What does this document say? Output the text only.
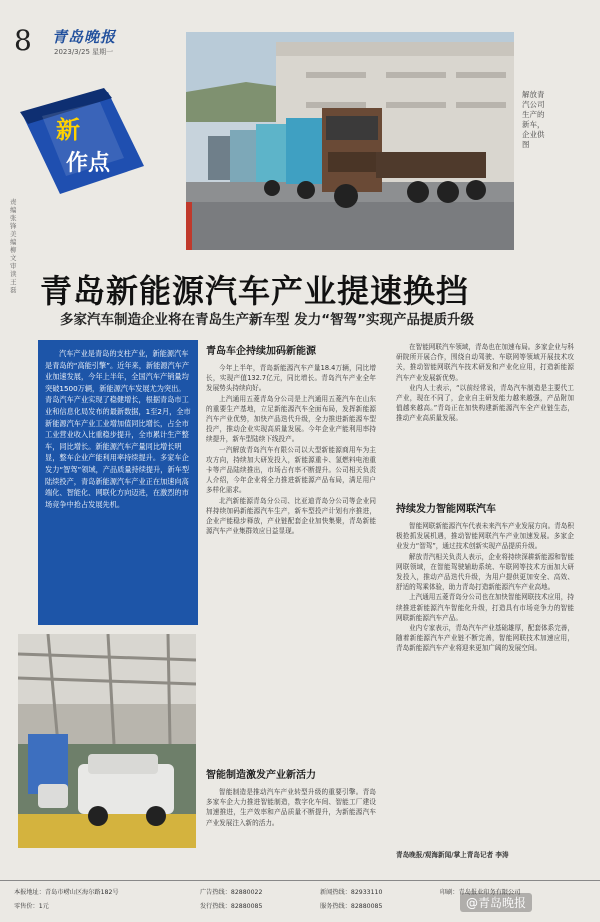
8 青岛晚报
2023/3/25 星期一
责编 张锋 美编 柳文 审读 王磊
新
作点
解放青汽公司生产的新车，企业供图
青岛新能源汽车产业提速换挡
多家汽车制造企业将在青岛生产新车型 发力“智驾”实现产品提质升级
汽车产业是青岛的支柱产业，新能源汽车是青岛的“高能引擎”。近年来，新能源汽车产业加速发展，今年上半年，全国汽车产销量均突破1500万辆，新能源汽车发展尤为突出。青岛汽车产业实现了稳健增长，根据青岛市工业和信息化局发布的最新数据，1至2月，全市新能源汽车产业工业增加值同比增长，占全市工业营业收入比重稳步提升，全市累计生产整车，同比增长。新能源汽车产量同比增长明显，整车企业产能利用率持续提升。多家车企发力“智驾”领域，产品质量持续提升，新车型陆续投产，青岛新能源汽车产业正在加速向高端化、智能化、网联化方向迈进，在激烈的市场竞争中抢占发展先机。
青岛车企持续加码新能源

今年上半年，青岛新能源汽车产量18.4万辆，同比增长，实现产值132.7亿元，同比增长。青岛汽车产业全年发展势头持续向好。

上汽通用五菱青岛分公司是上汽通用五菱汽车在山东的重要生产基地，立足新能源汽车全面布局，发挥新能源汽车产业优势，加快产品迭代升级，全力推进新能源车型投产，推动企业实现高质量发展。今年企业产能利用率持续提升，新车型陆续下线投产。

一汽解放青岛汽车有限公司以大型新能源商用车为主攻方向，持续加大研发投入，新能源重卡、氢燃料电池重卡等产品陆续推出，市场占有率不断提升。公司相关负责人介绍，今年企业将全力推进新能源产品布局，满足用户多样化需求。

北汽新能源青岛分公司、比亚迪青岛分公司等企业同样持续加码新能源汽车生产，新车型投产计划有序推进，企业产能稳步释放，产业链配套企业加快集聚，青岛新能源汽车产业集群效应日益显现。

智能制造激发产业新活力

智能制造是推动汽车产业转型升级的重要引擎。青岛多家车企大力推进智能制造，数字化车间、智能工厂建设加速推进，生产效率和产品质量不断提升，为新能源汽车产业发展注入新的活力。

在智能网联汽车领域，青岛也在加速布局。多家企业与科研院所开展合作，围绕自动驾驶、车联网等领域开展技术攻关，推动智能网联汽车技术研发和产业化应用，打造新能源汽车产业发展新优势。

业内人士表示，“以前经常说，青岛汽车制造是主要代工产业，现在不同了，企业自主研发能力越来越强，产品附加值越来越高。”青岛正在加快构建新能源汽车全产业链生态，推动产业高质量发展。

持续发力智能网联汽车

智能网联新能源汽车代表未来汽车产业发展方向。青岛积极抢抓发展机遇，推动智能网联汽车产业加速发展。多家企业发力“智驾”，通过技术创新实现产品提质升级。

解放青汽相关负责人表示，企业将持续深耕新能源和智能网联领域，在智能驾驶辅助系统、车联网等技术方面加大研发投入，推动产品迭代升级，为用户提供更加安全、高效、舒适的驾乘体验，助力青岛打造新能源汽车产业高地。

上汽通用五菱青岛分公司也在加快智能网联技术应用，持续推进新能源汽车智能化升级，打造具有市场竞争力的智能网联新能源汽车产品。

业内专家表示，青岛汽车产业基础雄厚，配套体系完善，随着新能源汽车产业链不断完善，智能网联技术加速应用，青岛新能源汽车产业将迎来更加广阔的发展空间。

青岛晚报/观海新闻/掌上青岛记者 李涛
本报地址：青岛市崂山区海尔路182号
零售价：1元
广告热线：82880022
发行热线：82880085
新闻热线：82933110
服务热线：82880085
印刷：青岛报业印务有限公司
@青岛晚报
